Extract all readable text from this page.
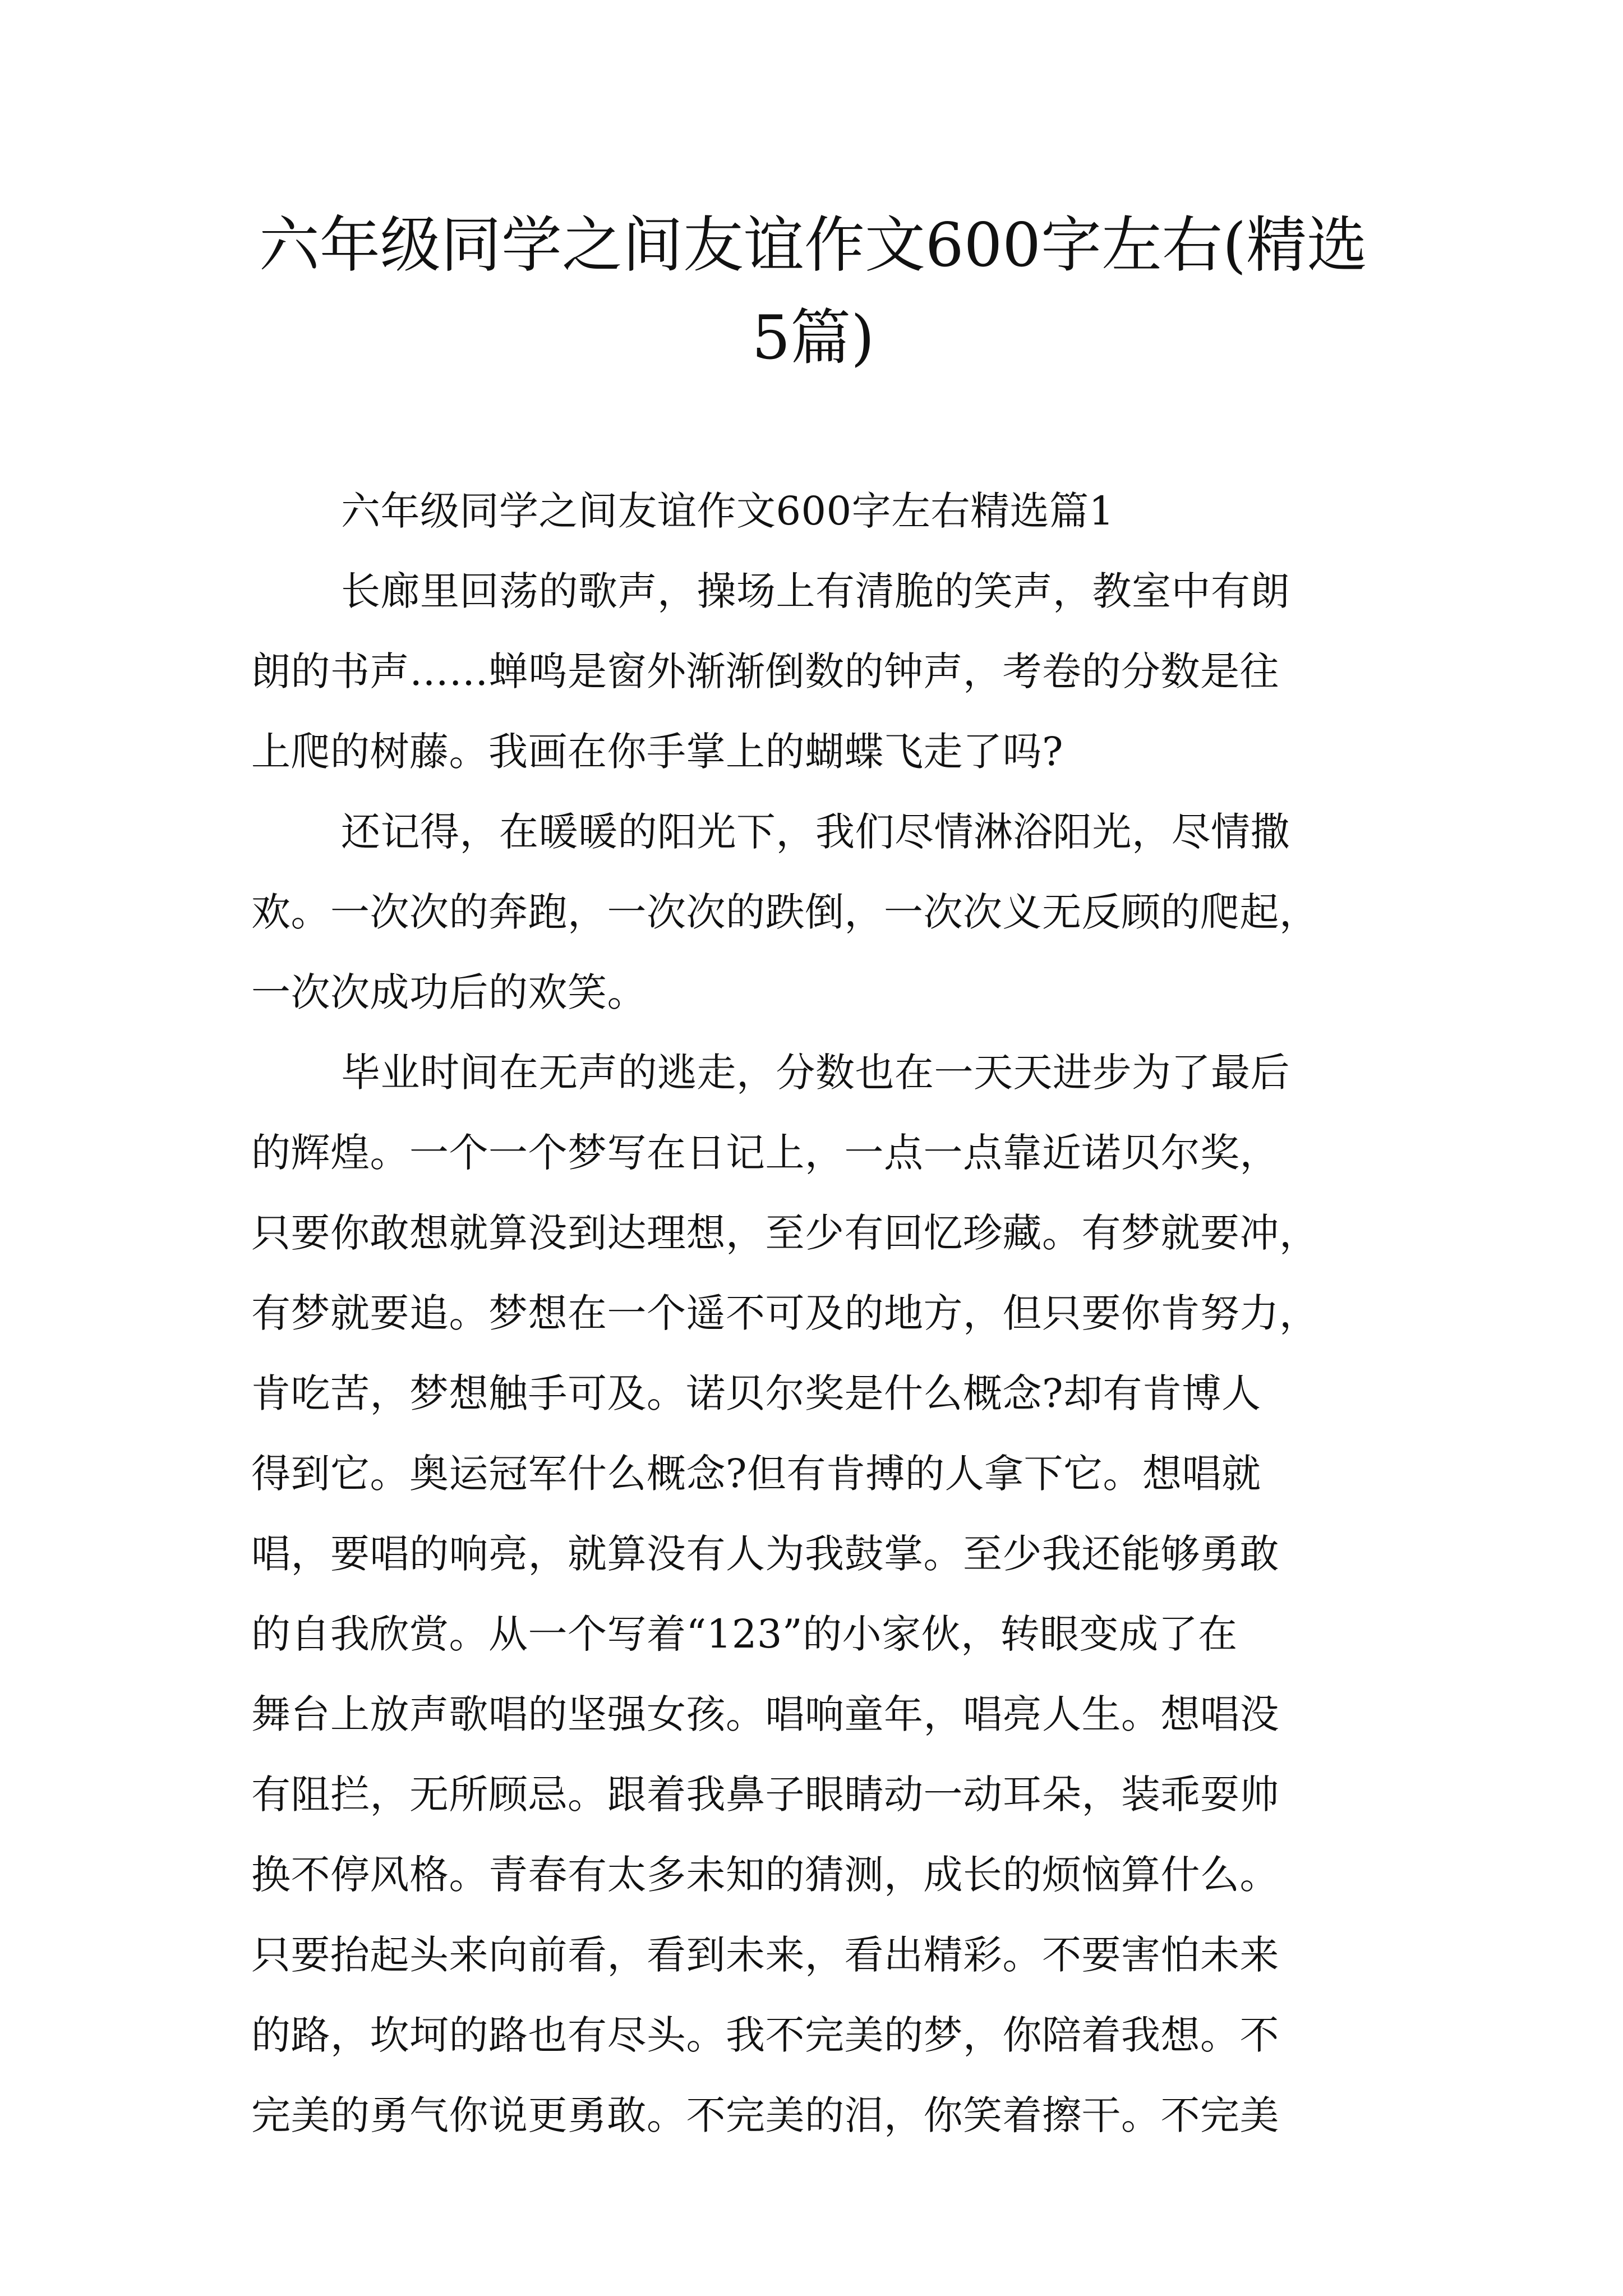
六年级同学之间友谊作文600字左右(精选
5篇)

六年级同学之间友谊作文600字左右精选篇1

长廊里回荡的歌声，操场上有清脆的笑声，教室中有朗
朗的书声……蝉鸣是窗外渐渐倒数的钟声，考卷的分数是往
上爬的树藤。我画在你手掌上的蝴蝶飞走了吗?

还记得，在暖暖的阳光下，我们尽情淋浴阳光，尽情撒
欢。一次次的奔跑，一次次的跌倒，一次次义无反顾的爬起，
一次次成功后的欢笑。

毕业时间在无声的逃走，分数也在一天天进步为了最后
的辉煌。一个一个梦写在日记上，一点一点靠近诺贝尔奖，
只要你敢想就算没到达理想，至少有回忆珍藏。有梦就要冲，
有梦就要追。梦想在一个遥不可及的地方，但只要你肯努力，
肯吃苦，梦想触手可及。诺贝尔奖是什么概念?却有肯博人
得到它。奥运冠军什么概念?但有肯搏的人拿下它。想唱就
唱，要唱的响亮，就算没有人为我鼓掌。至少我还能够勇敢
的自我欣赏。从一个写着“123”的小家伙，转眼变成了在
舞台上放声歌唱的坚强女孩。唱响童年，唱亮人生。想唱没
有阻拦，无所顾忌。跟着我鼻子眼睛动一动耳朵，装乖耍帅
换不停风格。青春有太多未知的猜测，成长的烦恼算什么。
只要抬起头来向前看，看到未来，看出精彩。不要害怕未来
的路，坎坷的路也有尽头。我不完美的梦，你陪着我想。不
完美的勇气你说更勇敢。不完美的泪，你笑着擦干。不完美
